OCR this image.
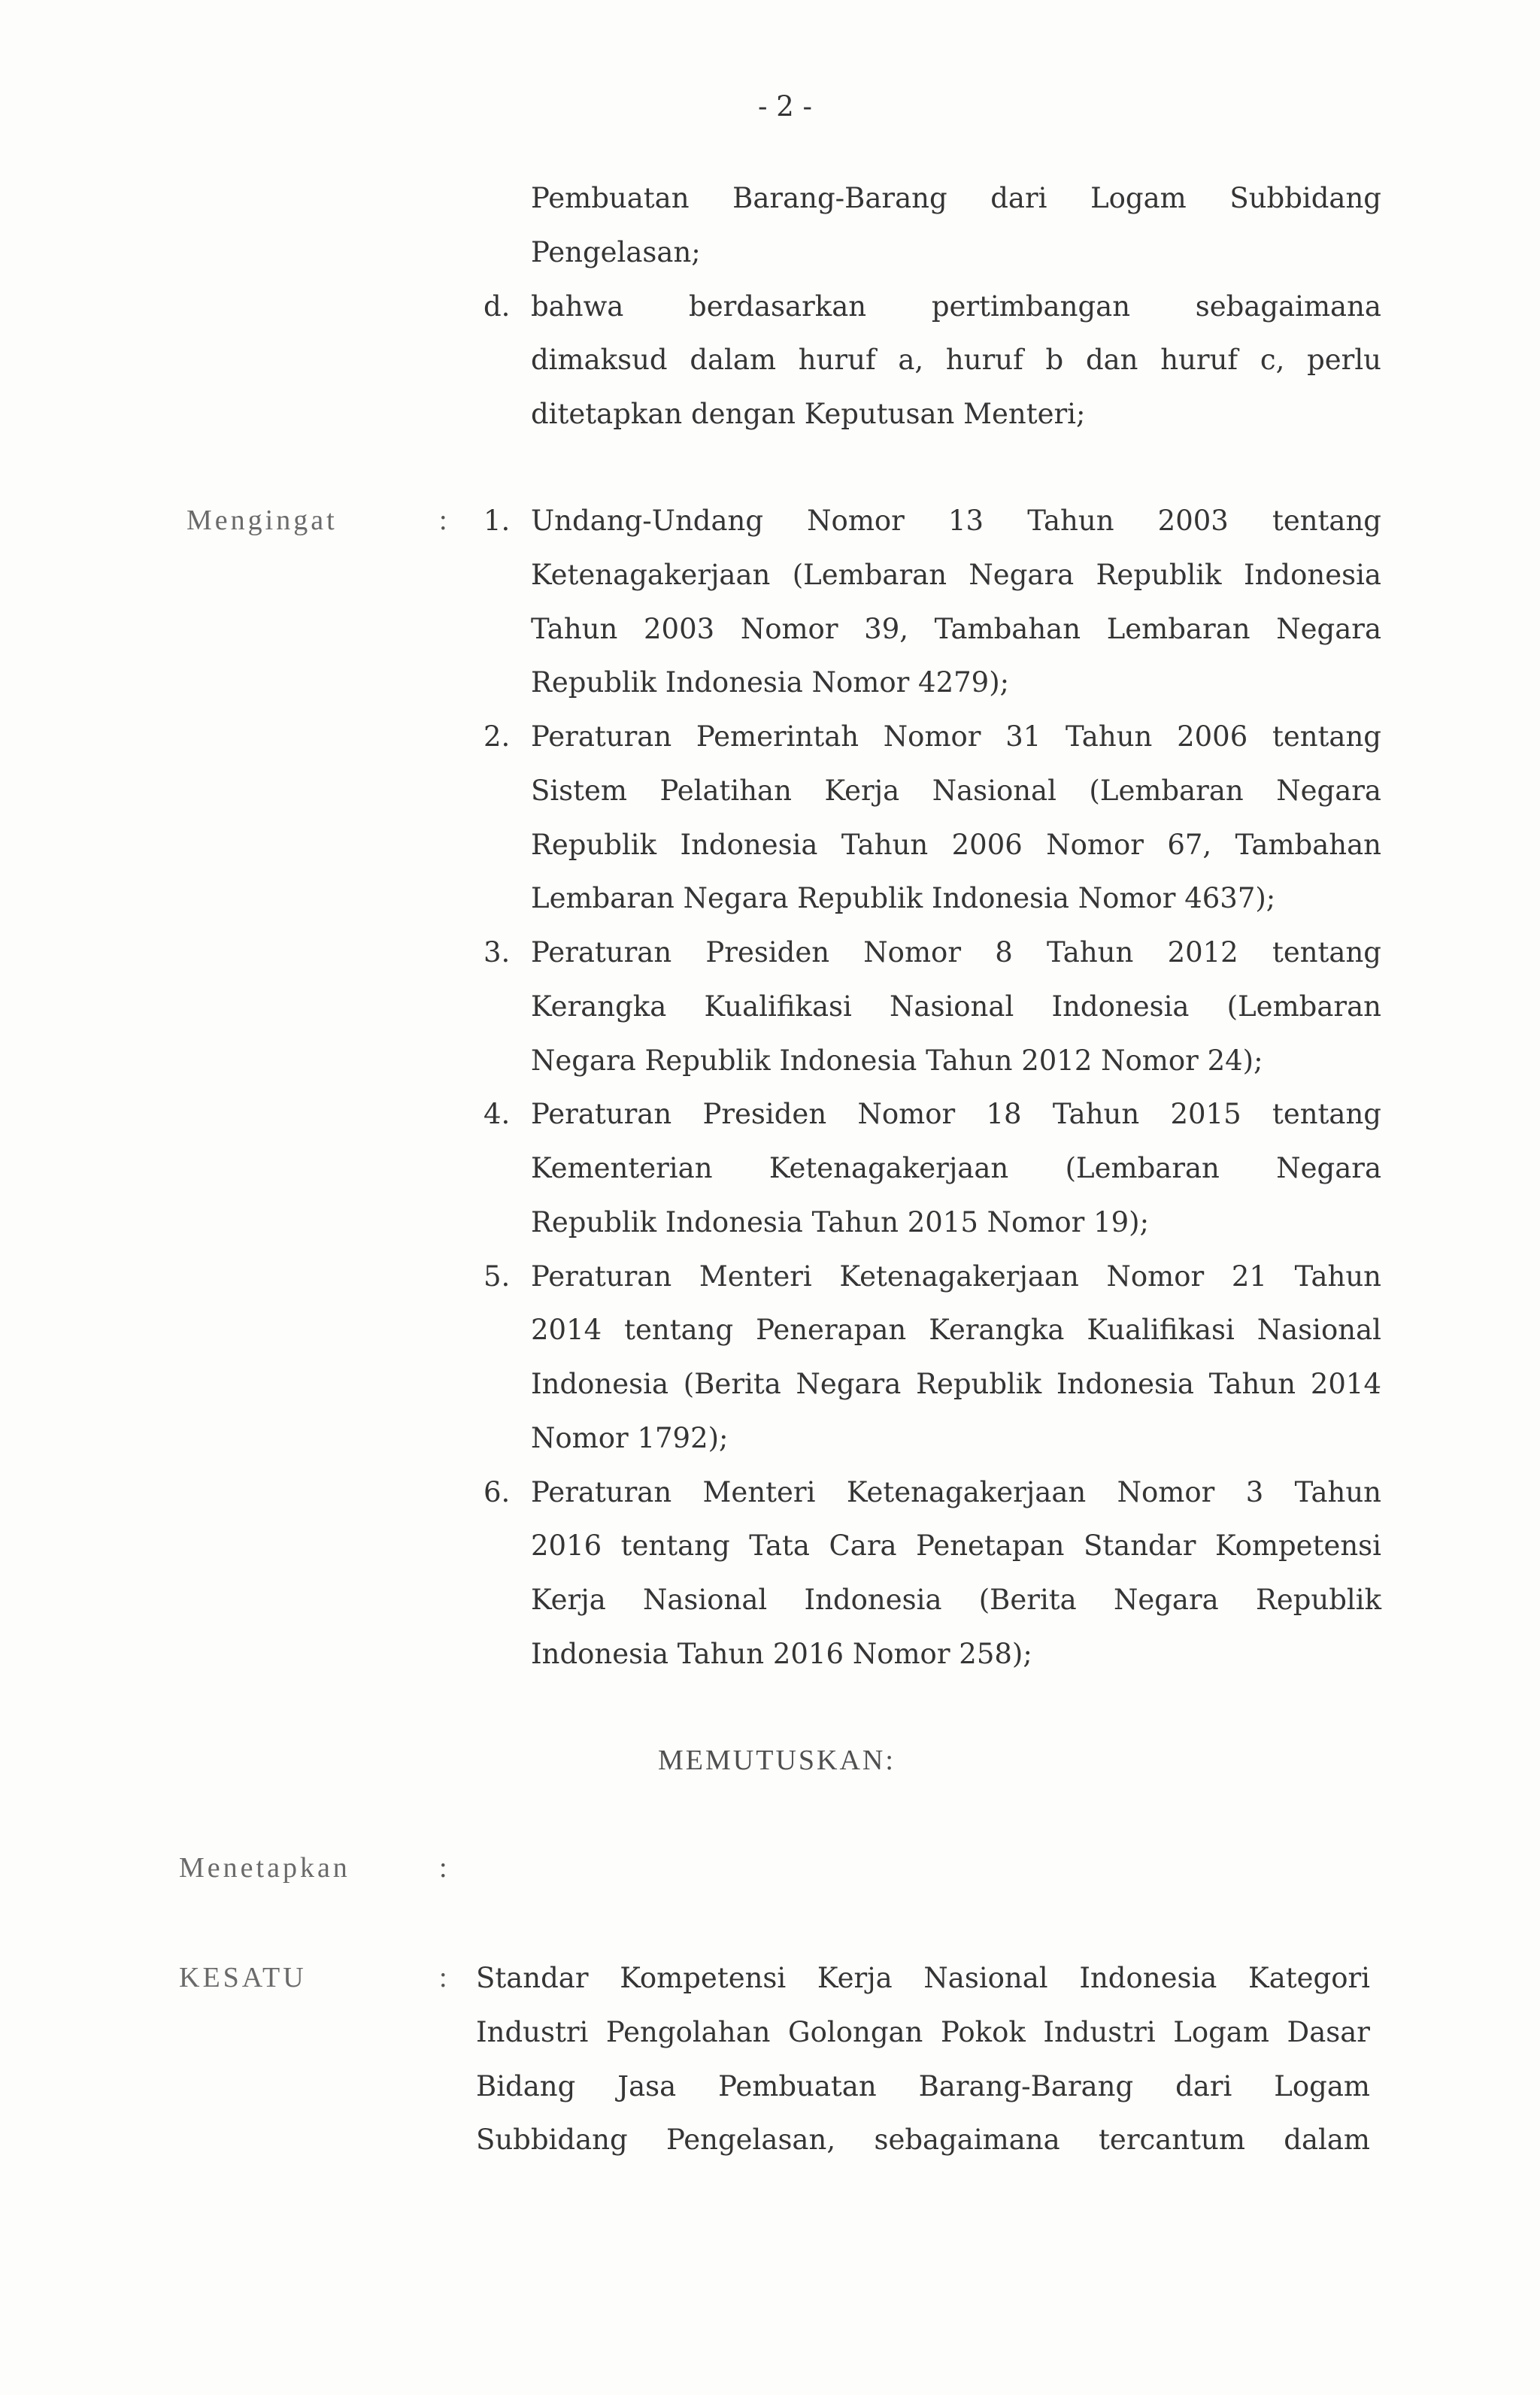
- 2 -
Pembuatan Barang-Barang dari Logam Subbidang
Pengelasan;
d. bahwa berdasarkan pertimbangan sebagaimana
dimaksud dalam huruf a, huruf b dan huruf c, perlu
ditetapkan dengan Keputusan Menteri;
Mengingat	: 1. Undang-Undang Nomor 13 Tahun 2003 tentang
Ketenagakerjaan (Lembaran Negara Republik Indonesia
Tahun 2003 Nomor 39, Tambahan Lembaran Negara
Republik Indonesia Nomor 4279);
2. Peraturan Pemerintah Nomor 31 Tahun 2006 tentang
Sistem Pelatihan Kerja Nasional (Lembaran Negara
Republik Indonesia Tahun 2006 Nomor 67, Tambahan
Lembaran Negara Republik Indonesia Nomor 4637);
3. Peraturan Presiden Nomor 8 Tahun 2012 tentang
Kerangka Kualifikasi Nasional Indonesia (Lembaran
Negara Republik Indonesia Tahun 2012 Nomor 24);
4. Peraturan Presiden Nomor 18 Tahun 2015 tentang
Kementerian Ketenagakerjaan (Lembaran Negara
Republik Indonesia Tahun 2015 Nomor 19);
5. Peraturan Menteri Ketenagakerjaan Nomor 21 Tahun
2014 tentang Penerapan Kerangka Kualifikasi Nasional
Indonesia (Berita Negara Republik Indonesia Tahun 2014
Nomor 1792);
6. Peraturan Menteri Ketenagakerjaan Nomor 3 Tahun
2016 tentang Tata Cara Penetapan Standar Kompetensi
Kerja Nasional Indonesia (Berita Negara Republik
Indonesia Tahun 2016 Nomor 258);
MEMUTUSKAN:
Menetapkan	:
KESATU	: Standar Kompetensi Kerja Nasional Indonesia Kategori
Industri Pengolahan Golongan Pokok Industri Logam Dasar
Bidang Jasa Pembuatan Barang-Barang dari Logam
Subbidang Pengelasan, sebagaimana tercantum dalam
